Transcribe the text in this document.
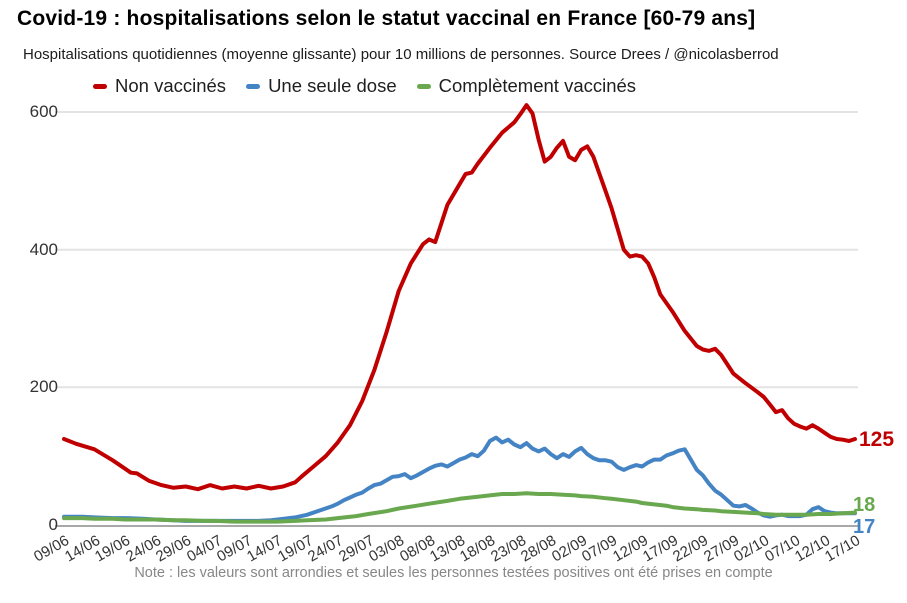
Covid-19 : hospitalisations selon le statut vaccinal en France [60-79 ans]
Hospitalisations quotidiennes (moyenne glissante) pour 10 millions de personnes. Source Drees / @nicolasberrod
Non vaccinés Une seule dose Complètement vaccinés
600
400
200
0
09/06
14/06
19/06
24/06
29/06
04/07
09/07
14/07
19/07
24/07
29/07
03/08
08/08
13/08
18/08
23/08
28/08
02/09
07/09
12/09
17/09
22/09
27/09
02/10
07/10
12/10
17/10
125
17
18
Note : les valeurs sont arrondies et seules les personnes testées positives ont été prises en compte
